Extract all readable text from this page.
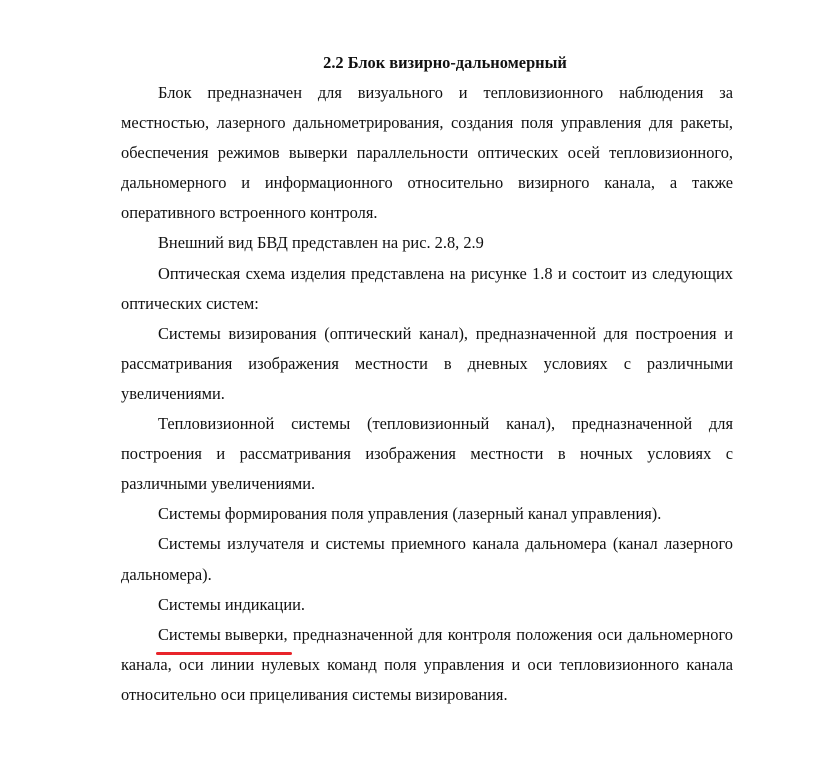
2.2 Блок визирно-дальномерный

Блок предназначен для визуального и тепловизионного наблюдения за местностью, лазерного дальнометрирования, создания поля управления для ракеты, обеспечения режимов выверки параллельности оптических осей тепловизионного, дальномерного и информационного относительно визирного канала, а также оперативного встроенного контроля.

Внешний вид БВД представлен на рис. 2.8, 2.9

Оптическая схема изделия представлена на рисунке 1.8 и состоит из следующих оптических систем:

Системы визирования (оптический канал), предназначенной для построения и рассматривания изображения местности в дневных условиях с различными увеличениями.

Тепловизионной системы (тепловизионный канал), предназначенной для построения и рассматривания изображения местности в ночных условиях с различными увеличениями.

Системы формирования поля управления (лазерный канал управления).

Системы излучателя и системы приемного канала дальномера (канал лазерного дальномера).

Системы индикации.

Системы выверки, предназначенной для контроля положения оси дальномерного канала, оси линии нулевых команд поля управления и оси тепловизионного канала относительно оси прицеливания системы визирования.
